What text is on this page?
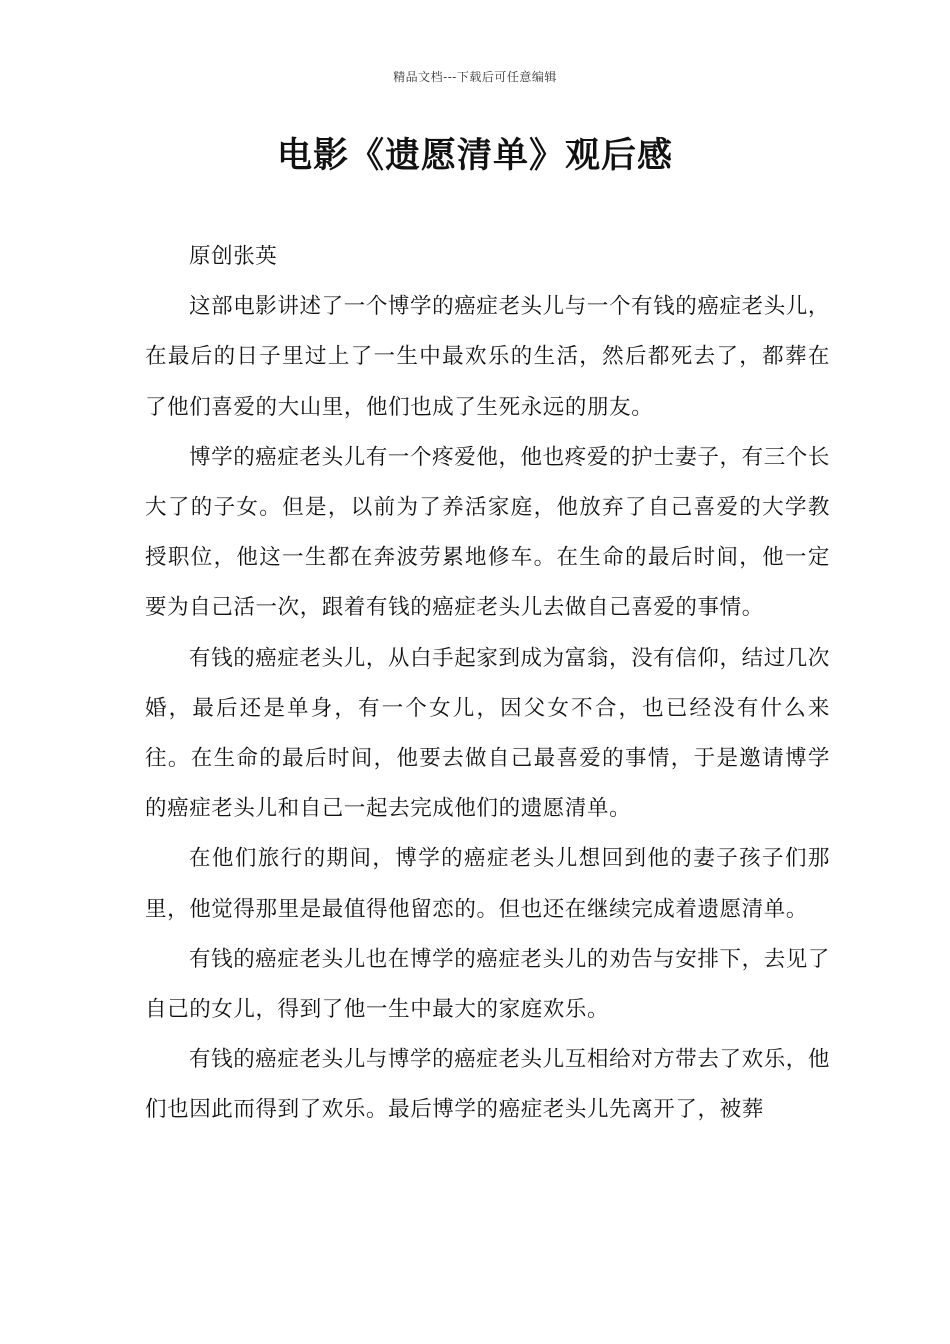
精品文档---下载后可任意编辑
电影《遗愿清单》观后感

原创张英

这部电影讲述了一个博学的癌症老头儿与一个有钱的癌症老头儿，在最后的日子里过上了一生中最欢乐的生活，然后都死去了，都葬在了他们喜爱的大山里，他们也成了生死永远的朋友。

博学的癌症老头儿有一个疼爱他，他也疼爱的护士妻子，有三个长大了的子女。但是，以前为了养活家庭，他放弃了自己喜爱的大学教授职位，他这一生都在奔波劳累地修车。在生命的最后时间，他一定要为自己活一次，跟着有钱的癌症老头儿去做自己喜爱的事情。

有钱的癌症老头儿，从白手起家到成为富翁，没有信仰，结过几次婚，最后还是单身，有一个女儿，因父女不合，也已经没有什么来往。在生命的最后时间，他要去做自己最喜爱的事情，于是邀请博学的癌症老头儿和自己一起去完成他们的遗愿清单。

在他们旅行的期间，博学的癌症老头儿想回到他的妻子孩子们那里，他觉得那里是最值得他留恋的。但也还在继续完成着遗愿清单。

有钱的癌症老头儿也在博学的癌症老头儿的劝告与安排下，去见了自己的女儿，得到了他一生中最大的家庭欢乐。

有钱的癌症老头儿与博学的癌症老头儿互相给对方带去了欢乐，他们也因此而得到了欢乐。最后博学的癌症老头儿先离开了，被葬
